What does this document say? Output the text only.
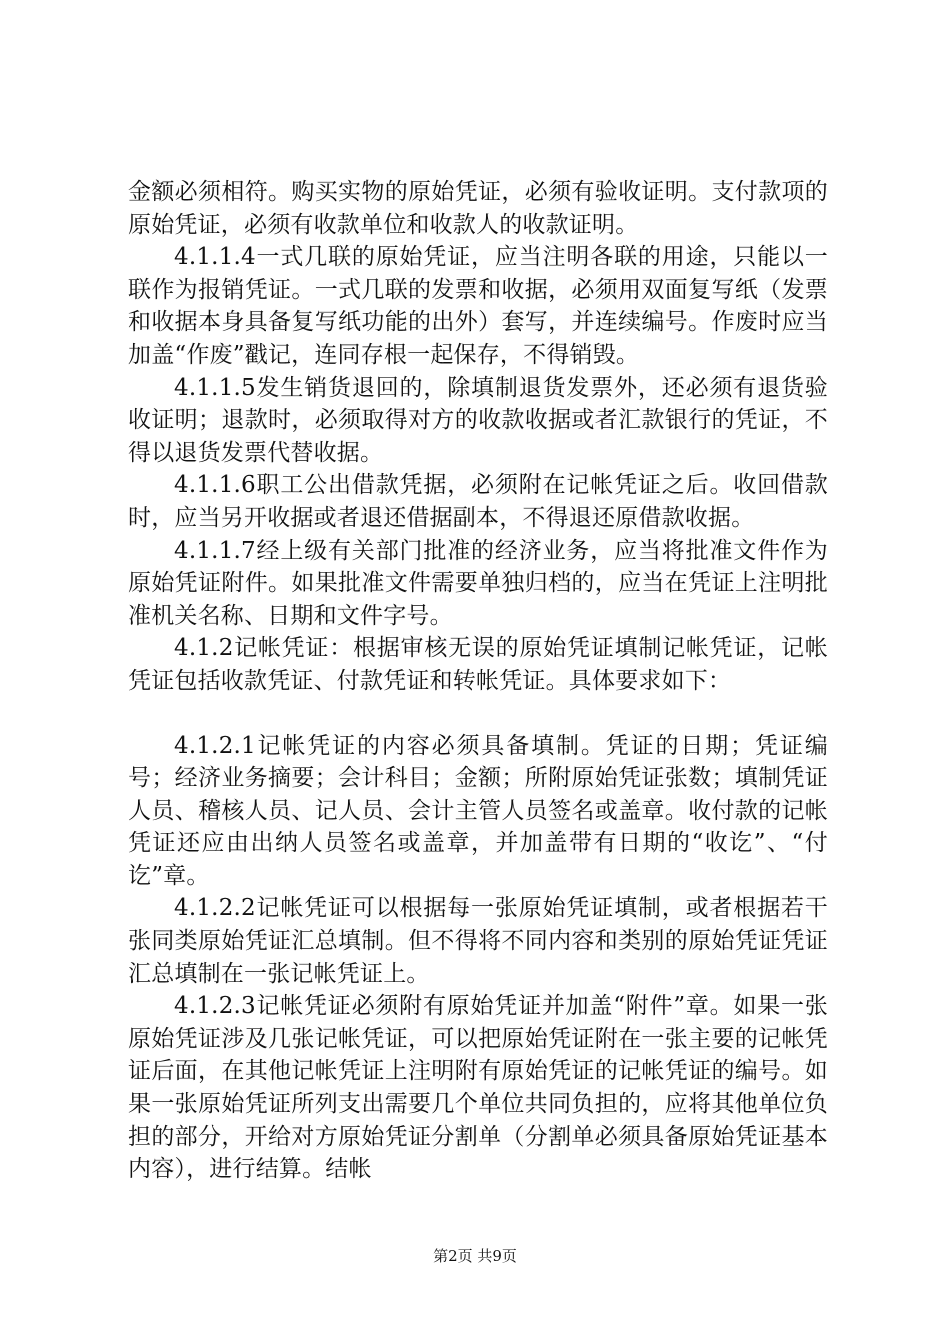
金额必须相符。购买实物的原始凭证，必须有验收证明。支付款项的原始凭证，必须有收款单位和收款人的收款证明。

4.1.1.4一式几联的原始凭证，应当注明各联的用途，只能以一联作为报销凭证。一式几联的发票和收据，必须用双面复写纸（发票和收据本身具备复写纸功能的出外）套写，并连续编号。作废时应当加盖“作废”戳记，连同存根一起保存，不得销毁。

4.1.1.5发生销货退回的，除填制退货发票外，还必须有退货验收证明；退款时，必须取得对方的收款收据或者汇款银行的凭证，不得以退货发票代替收据。

4.1.1.6职工公出借款凭据，必须附在记帐凭证之后。收回借款时，应当另开收据或者退还借据副本，不得退还原借款收据。

4.1.1.7经上级有关部门批准的经济业务，应当将批准文件作为原始凭证附件。如果批准文件需要单独归档的，应当在凭证上注明批准机关名称、日期和文件字号。

4.1.2记帐凭证：根据审核无误的原始凭证填制记帐凭证，记帐凭证包括收款凭证、付款凭证和转帐凭证。具体要求如下：

4.1.2.1记帐凭证的内容必须具备填制。凭证的日期；凭证编号；经济业务摘要；会计科目；金额；所附原始凭证张数；填制凭证人员、稽核人员、记人员、会计主管人员签名或盖章。收付款的记帐凭证还应由出纳人员签名或盖章，并加盖带有日期的“收讫”、“付讫”章。

4.1.2.2记帐凭证可以根据每一张原始凭证填制，或者根据若干张同类原始凭证汇总填制。但不得将不同内容和类别的原始凭证凭证汇总填制在一张记帐凭证上。

4.1.2.3记帐凭证必须附有原始凭证并加盖“附件”章。如果一张原始凭证涉及几张记帐凭证，可以把原始凭证附在一张主要的记帐凭证后面，在其他记帐凭证上注明附有原始凭证的记帐凭证的编号。如果一张原始凭证所列支出需要几个单位共同负担的，应将其他单位负担的部分，开给对方原始凭证分割单（分割单必须具备原始凭证基本内容），进行结算。结帐

第2页 共9页
